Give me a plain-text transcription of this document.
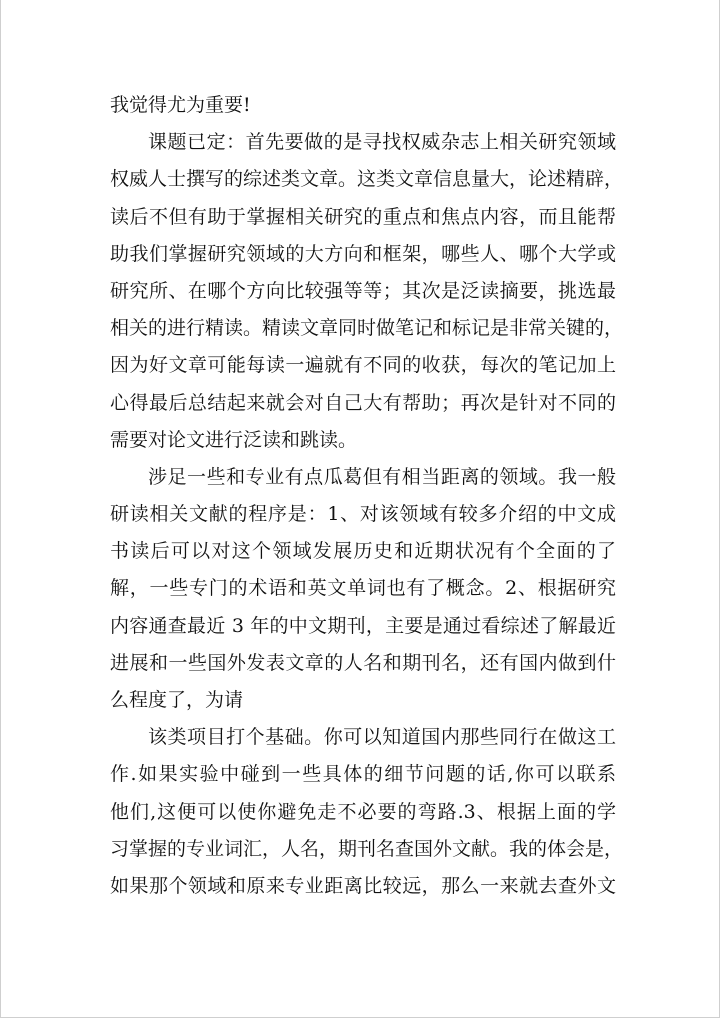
我觉得尤为重要!
课题已定：首先要做的是寻找权威杂志上相关研究领域
权威人士撰写的综述类文章。这类文章信息量大，论述精辟，
读后不但有助于掌握相关研究的重点和焦点内容，而且能帮
助我们掌握研究领域的大方向和框架，哪些人、哪个大学或
研究所、在哪个方向比较强等等；其次是泛读摘要，挑选最
相关的进行精读。精读文章同时做笔记和标记是非常关键的，
因为好文章可能每读一遍就有不同的收获，每次的笔记加上
心得最后总结起来就会对自己大有帮助；再次是针对不同的
需要对论文进行泛读和跳读。
涉足一些和专业有点瓜葛但有相当距离的领域。我一般
研读相关文献的程序是：1、对该领域有较多介绍的中文成
书读后可以对这个领域发展历史和近期状况有个全面的了
解，一些专门的术语和英文单词也有了概念。2、根据研究
内容通查最近 3 年的中文期刊，主要是通过看综述了解最近
进展和一些国外发表文章的人名和期刊名，还有国内做到什
么程度了，为请
该类项目打个基础。你可以知道国内那些同行在做这工
作.如果实验中碰到一些具体的细节问题的话,你可以联系
他们,这便可以使你避免走不必要的弯路.3、根据上面的学
习掌握的专业词汇，人名，期刊名查国外文献。我的体会是，
如果那个领域和原来专业距离比较远，那么一来就去查外文
